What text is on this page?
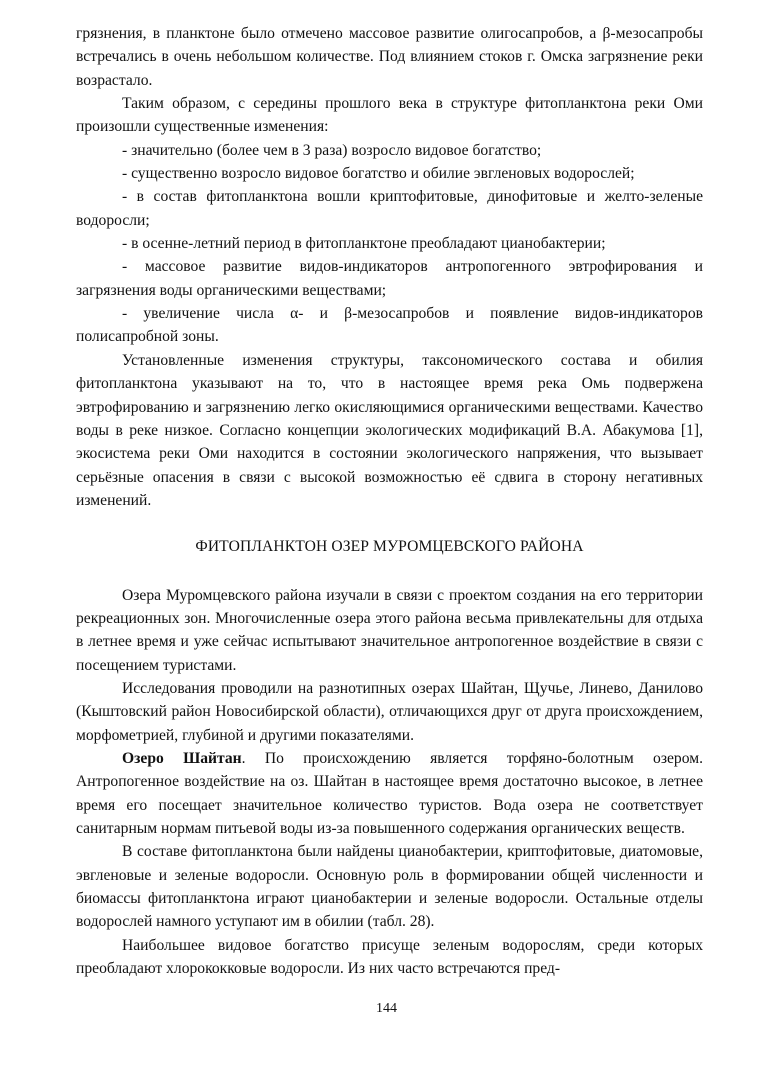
грязнения, в планктоне было отмечено массовое развитие олигосапробов, а β-мезосапробы встречались в очень небольшом количестве. Под влиянием стоков г. Омска загрязнение реки возрастало.

Таким образом, с середины прошлого века в структуре фитопланктона реки Оми произошли существенные изменения:

- значительно (более чем в 3 раза) возросло видовое богатство;

- существенно возросло видовое богатство и обилие эвгленовых водорослей;

- в состав фитопланктона вошли криптофитовые, динофитовые и желто-зеленые водоросли;

- в осенне-летний период в фитопланктоне преобладают цианобактерии;

- массовое развитие видов-индикаторов антропогенного эвтрофирования и загрязнения воды органическими веществами;

- увеличение числа α- и β-мезосапробов и появление видов-индикаторов полисапробной зоны.

Установленные изменения структуры, таксономического состава и обилия фитопланктона указывают на то, что в настоящее время река Омь подвержена эвтрофированию и загрязнению легко окисляющимися органическими веществами. Качество воды в реке низкое. Согласно концепции экологических модификаций В.А. Абакумова [1], экосистема реки Оми находится в состоянии экологического напряжения, что вызывает серьёзные опасения в связи с высокой возможностью её сдвига в сторону негативных изменений.

ФИТОПЛАНКТОН ОЗЕР МУРОМЦЕВСКОГО РАЙОНА

Озера Муромцевского района изучали в связи с проектом создания на его территории рекреационных зон. Многочисленные озера этого района весьма привлекательны для отдыха в летнее время и уже сейчас испытывают значительное антропогенное воздействие в связи с посещением туристами.

Исследования проводили на разнотипных озерах Шайтан, Щучье, Линево, Данилово (Кыштовский район Новосибирской области), отличающихся друг от друга происхождением, морфометрией, глубиной и другими показателями.

Озеро Шайтан. По происхождению является торфяно-болотным озером. Антропогенное воздействие на оз. Шайтан в настоящее время достаточно высокое, в летнее время его посещает значительное количество туристов. Вода озера не соответствует санитарным нормам питьевой воды из-за повышенного содержания органических веществ.

В составе фитопланктона были найдены цианобактерии, криптофитовые, диатомовые, эвгленовые и зеленые водоросли. Основную роль в формировании общей численности и биомассы фитопланктона играют цианобактерии и зеленые водоросли. Остальные отделы водорослей намного уступают им в обилии (табл. 28).

Наибольшее видовое богатство присуще зеленым водорослям, среди которых преобладают хлорококковые водоросли. Из них часто встречаются пред-

144
